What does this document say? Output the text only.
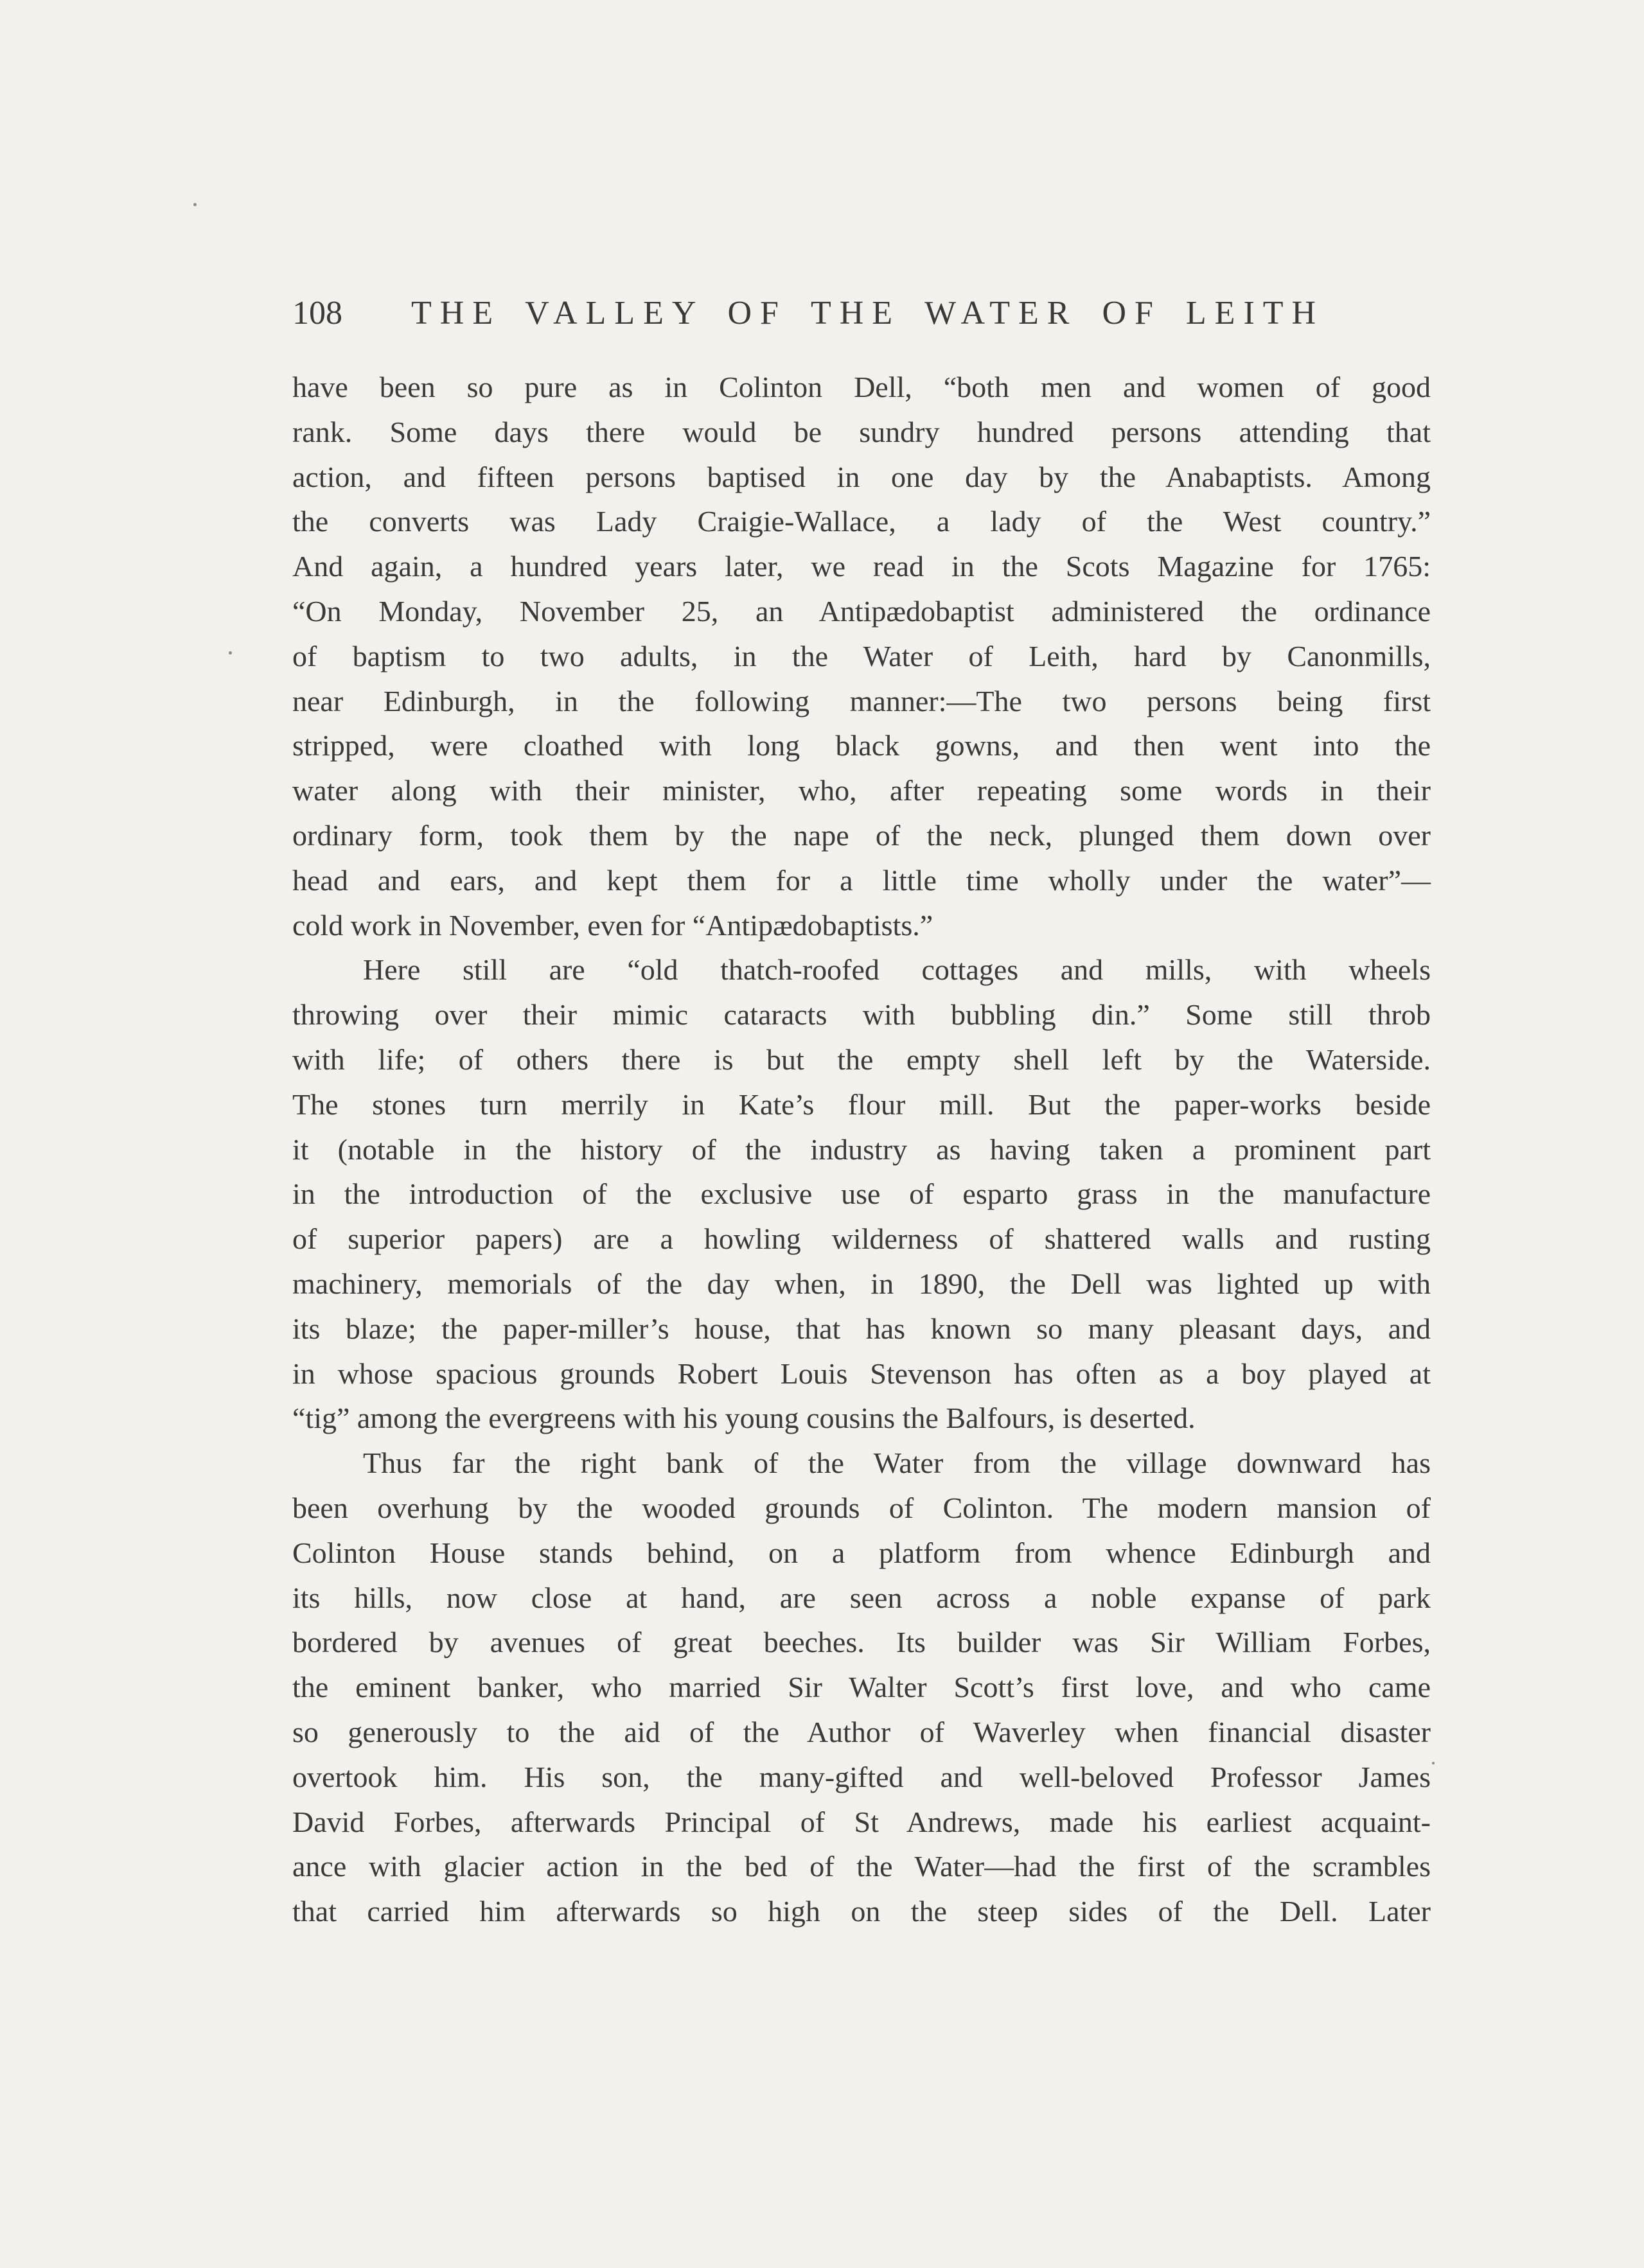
108 THE VALLEY OF THE WATER OF LEITH
have been so pure as in Colinton Dell, “both men and women of good
rank. Some days there would be sundry hundred persons attending that
action, and fifteen persons baptised in one day by the Anabaptists. Among
the converts was Lady Craigie-Wallace, a lady of the West country.”
And again, a hundred years later, we read in the Scots Magazine for 1765:
“On Monday, November 25, an Antipædobaptist administered the ordinance
of baptism to two adults, in the Water of Leith, hard by Canonmills,
near Edinburgh, in the following manner:—The two persons being first
stripped, were cloathed with long black gowns, and then went into the
water along with their minister, who, after repeating some words in their
ordinary form, took them by the nape of the neck, plunged them down over
head and ears, and kept them for a little time wholly under the water”—
cold work in November, even for “Antipædobaptists.”
Here still are “old thatch-roofed cottages and mills, with wheels
throwing over their mimic cataracts with bubbling din.” Some still throb
with life; of others there is but the empty shell left by the Waterside.
The stones turn merrily in Kate’s flour mill. But the paper-works beside
it (notable in the history of the industry as having taken a prominent part
in the introduction of the exclusive use of esparto grass in the manufacture
of superior papers) are a howling wilderness of shattered walls and rusting
machinery, memorials of the day when, in 1890, the Dell was lighted up with
its blaze; the paper-miller’s house, that has known so many pleasant days, and
in whose spacious grounds Robert Louis Stevenson has often as a boy played at
“tig” among the evergreens with his young cousins the Balfours, is deserted.
Thus far the right bank of the Water from the village downward has
been overhung by the wooded grounds of Colinton. The modern mansion of
Colinton House stands behind, on a platform from whence Edinburgh and
its hills, now close at hand, are seen across a noble expanse of park
bordered by avenues of great beeches. Its builder was Sir William Forbes,
the eminent banker, who married Sir Walter Scott’s first love, and who came
so generously to the aid of the Author of Waverley when financial disaster
overtook him. His son, the many-gifted and well-beloved Professor James
David Forbes, afterwards Principal of St Andrews, made his earliest acquaint-
ance with glacier action in the bed of the Water—had the first of the scrambles
that carried him afterwards so high on the steep sides of the Dell. Later
